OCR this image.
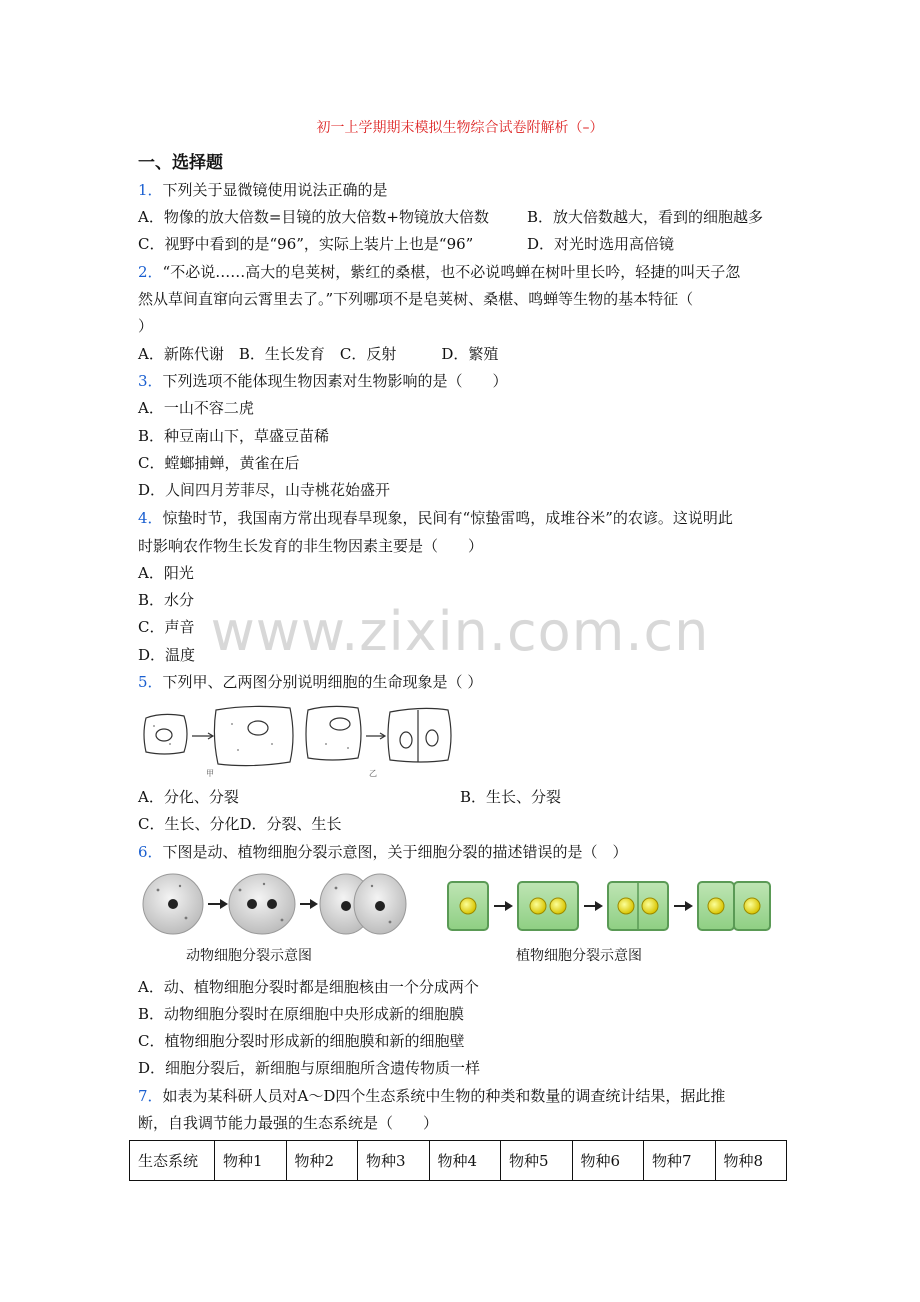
初一上学期期末模拟生物综合试卷附解析（–）
一、选择题
www.zixin.com.cn
1．下列关于显微镜使用说法正确的是
A．物像的放大倍数=目镜的放大倍数+物镜放大倍数	B．放大倍数越大，看到的细胞越多
C．视野中看到的是“96”，实际上装片上也是“96”	D．对光时选用高倍镜
2．“不必说……高大的皂荚树，紫红的桑椹，也不必说鸣蝉在树叶里长吟，轻捷的叫天子忽
然从草间直窜向云霄里去了。”下列哪项不是皂荚树、桑椹、鸣蝉等生物的基本特征（
）
A．新陈代谢　B．生长发育　C．反射　　　D．繁殖
3．下列选项不能体现生物因素对生物影响的是（　　）
A．一山不容二虎
B．种豆南山下，草盛豆苗稀
C．螳螂捕蝉，黄雀在后
D．人间四月芳菲尽，山寺桃花始盛开
4．惊蛰时节，我国南方常出现春旱现象，民间有“惊蛰雷鸣，成堆谷米”的农谚。这说明此
时影响农作物生长发育的非生物因素主要是（　　）
A．阳光
B．水分
C．声音
D．温度
5．下列甲、乙两图分别说明细胞的生命现象是（ ）
甲	乙
A．分化、分裂	B．生长、分裂
C．生长、分化D．分裂、生长
6．下图是动、植物细胞分裂示意图，关于细胞分裂的描述错误的是（　）
动物细胞分裂示意图	植物细胞分裂示意图
A．动、植物细胞分裂时都是细胞核由一个分成两个
B．动物细胞分裂时在原细胞中央形成新的细胞膜
C．植物细胞分裂时形成新的细胞膜和新的细胞壁
D．细胞分裂后，新细胞与原细胞所含遗传物质一样
7．如表为某科研人员对A～D四个生态系统中生物的种类和数量的调查统计结果，据此推
断，自我调节能力最强的生态系统是（　　）
生态系统	物种1	物种2	物种3	物种4	物种5	物种6	物种7	物种8
